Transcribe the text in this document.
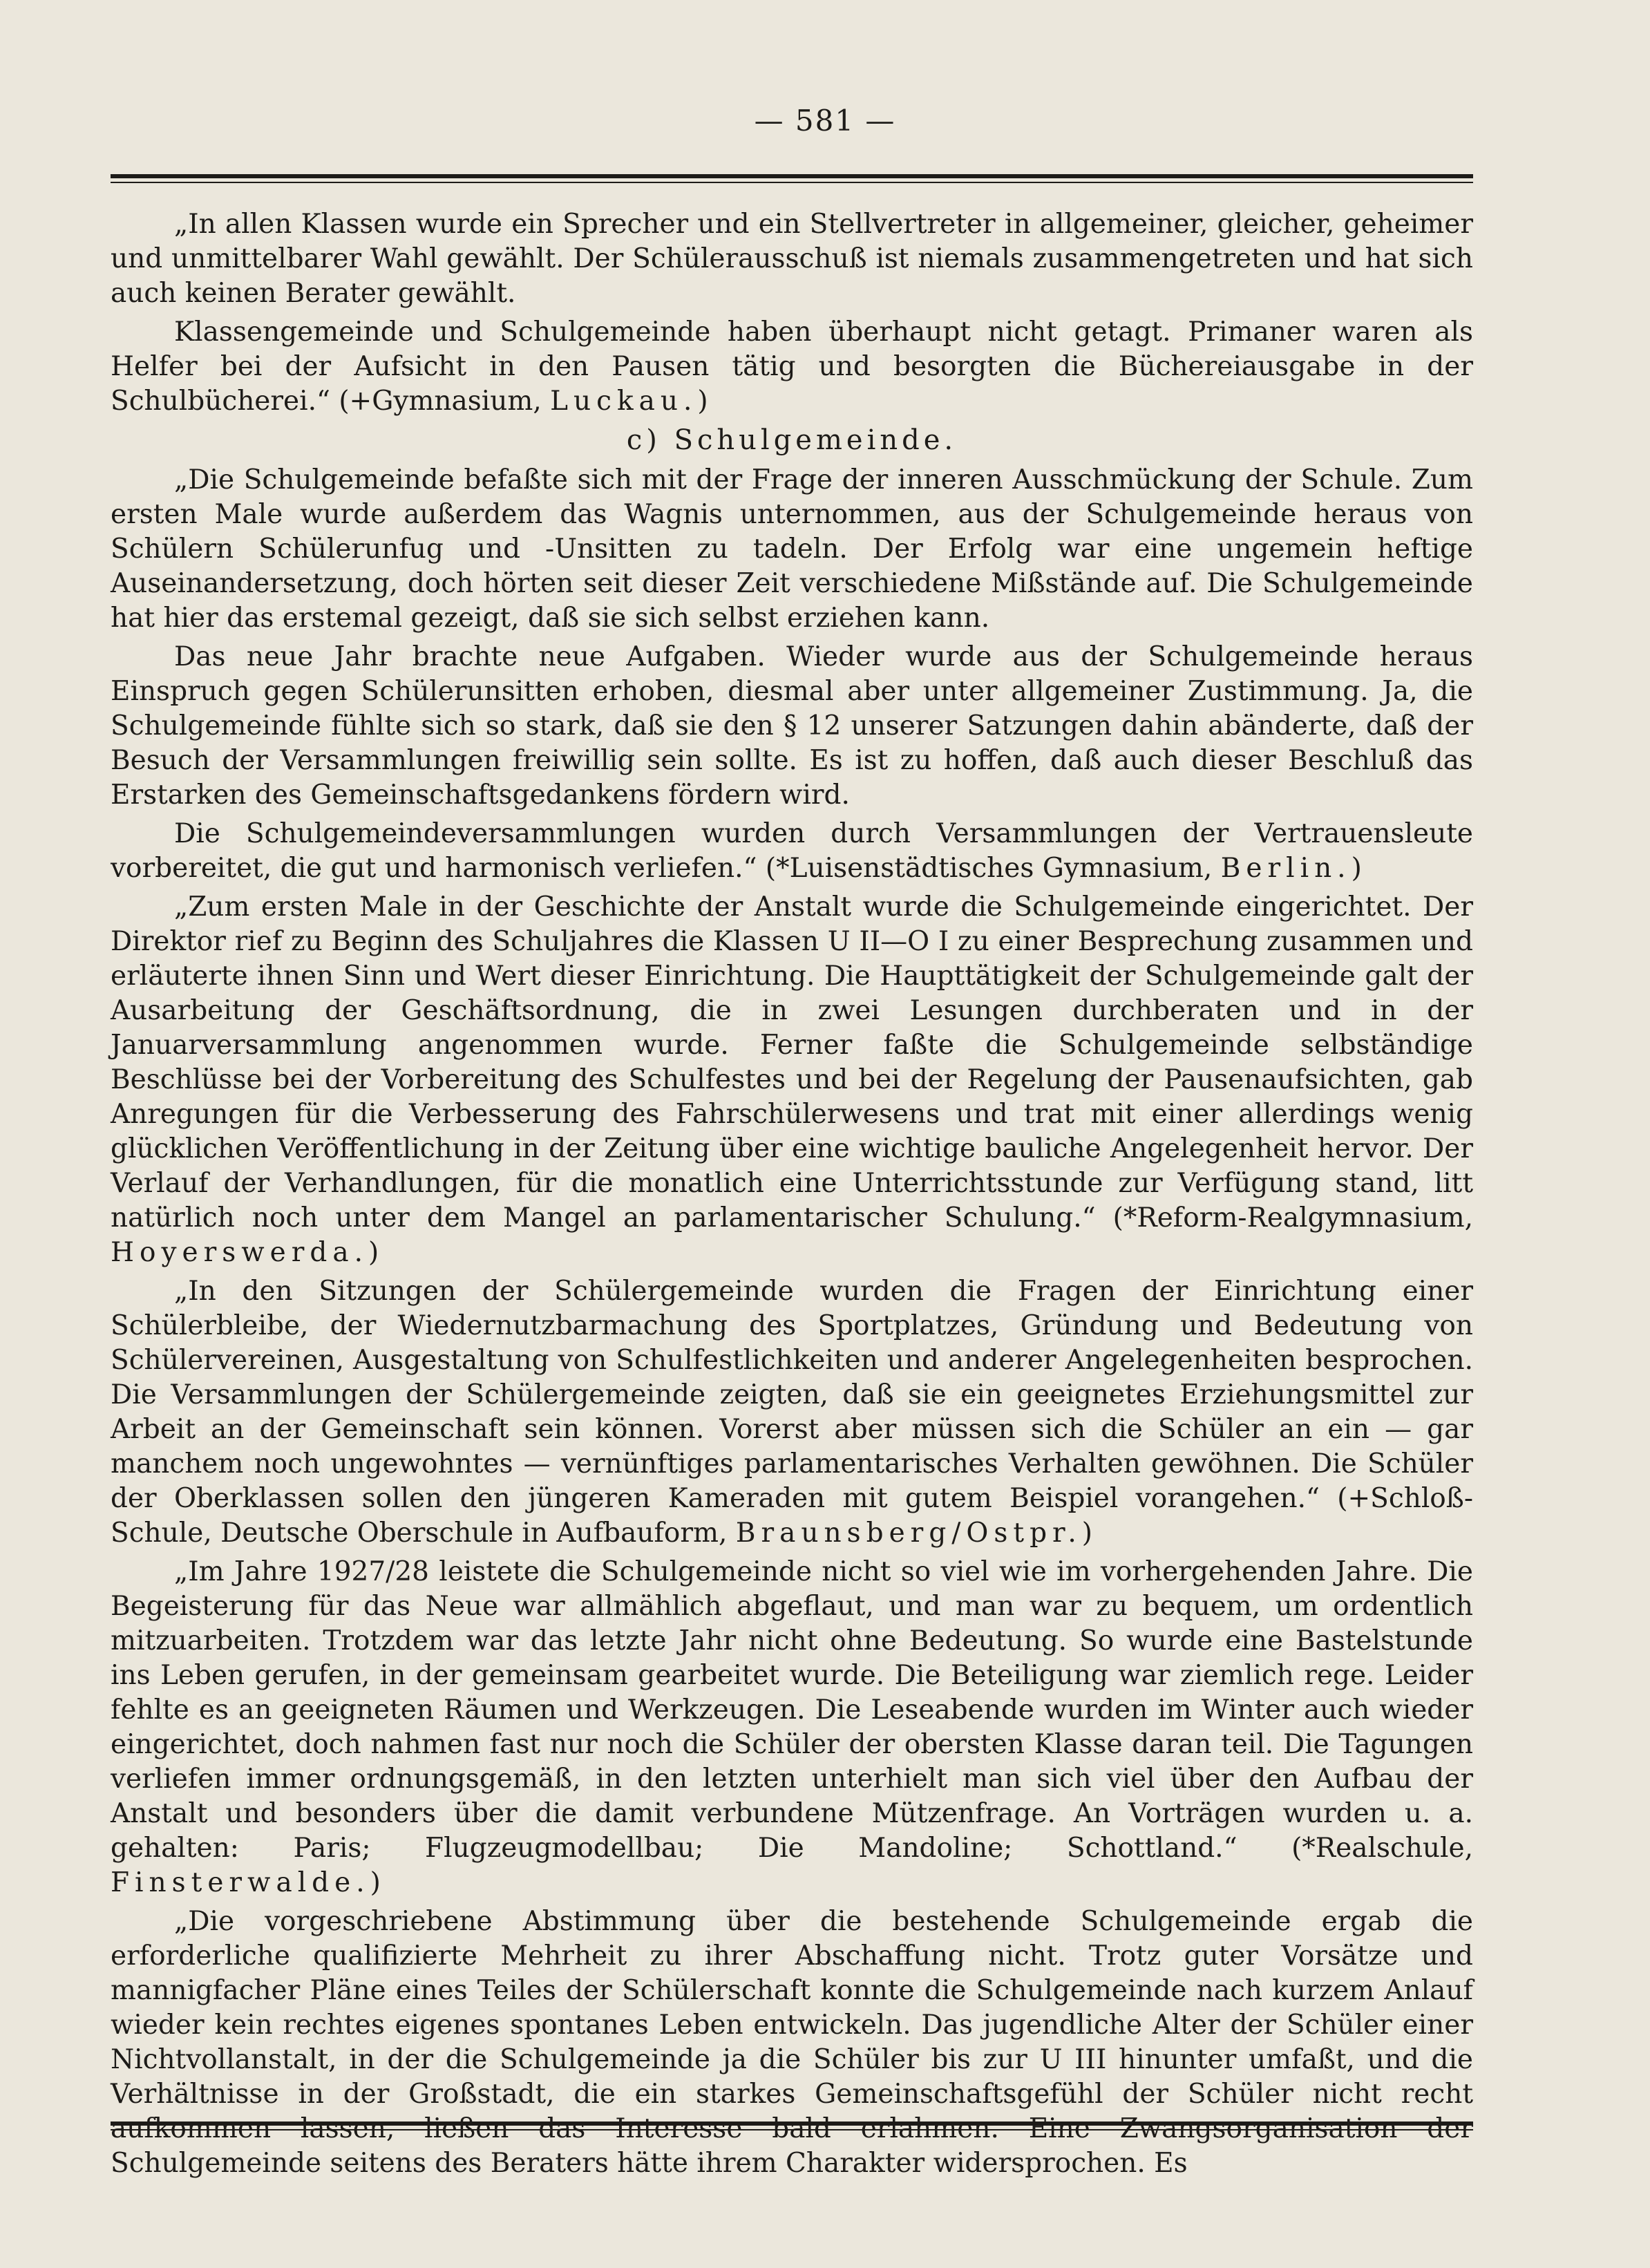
— 581 —

„In allen Klassen wurde ein Sprecher und ein Stellvertreter in allgemeiner, gleicher, geheimer und unmittelbarer Wahl gewählt. Der Schülerausschuß ist niemals zusammengetreten und hat sich auch keinen Berater gewählt.

Klassengemeinde und Schulgemeinde haben überhaupt nicht getagt. Primaner waren als Helfer bei der Aufsicht in den Pausen tätig und besorgten die Büchereiausgabe in der Schulbücherei.“ (+Gymnasium, Luckau.)

c) Schulgemeinde.

„Die Schulgemeinde befaßte sich mit der Frage der inneren Ausschmückung der Schule. Zum ersten Male wurde außerdem das Wagnis unternommen, aus der Schulgemeinde heraus von Schülern Schülerunfug und -Unsitten zu tadeln. Der Erfolg war eine ungemein heftige Auseinandersetzung, doch hörten seit dieser Zeit verschiedene Mißstände auf. Die Schulgemeinde hat hier das erstemal gezeigt, daß sie sich selbst erziehen kann.

Das neue Jahr brachte neue Aufgaben. Wieder wurde aus der Schulgemeinde heraus Einspruch gegen Schülerunsitten erhoben, diesmal aber unter allgemeiner Zustimmung. Ja, die Schulgemeinde fühlte sich so stark, daß sie den § 12 unserer Satzungen dahin abänderte, daß der Besuch der Versammlungen freiwillig sein sollte. Es ist zu hoffen, daß auch dieser Beschluß das Erstarken des Gemeinschaftsgedankens fördern wird.

Die Schulgemeindeversammlungen wurden durch Versammlungen der Vertrauensleute vorbereitet, die gut und harmonisch verliefen.“ (*Luisenstädtisches Gymnasium, Berlin.)

„Zum ersten Male in der Geschichte der Anstalt wurde die Schulgemeinde eingerichtet. Der Direktor rief zu Beginn des Schuljahres die Klassen U II—O I zu einer Besprechung zusammen und erläuterte ihnen Sinn und Wert dieser Einrichtung. Die Haupttätigkeit der Schulgemeinde galt der Ausarbeitung der Geschäftsordnung, die in zwei Lesungen durchberaten und in der Januarversammlung angenommen wurde. Ferner faßte die Schulgemeinde selbständige Beschlüsse bei der Vorbereitung des Schulfestes und bei der Regelung der Pausenaufsichten, gab Anregungen für die Verbesserung des Fahrschülerwesens und trat mit einer allerdings wenig glücklichen Veröffentlichung in der Zeitung über eine wichtige bauliche Angelegenheit hervor. Der Verlauf der Verhandlungen, für die monatlich eine Unterrichtsstunde zur Verfügung stand, litt natürlich noch unter dem Mangel an parlamentarischer Schulung.“ (*Reform-Realgymnasium, Hoyerswerda.)

„In den Sitzungen der Schülergemeinde wurden die Fragen der Einrichtung einer Schülerbleibe, der Wiedernutzbarmachung des Sportplatzes, Gründung und Bedeutung von Schülervereinen, Ausgestaltung von Schulfestlichkeiten und anderer Angelegenheiten besprochen. Die Versammlungen der Schülergemeinde zeigten, daß sie ein geeignetes Erziehungsmittel zur Arbeit an der Gemeinschaft sein können. Vorerst aber müssen sich die Schüler an ein — gar manchem noch ungewohntes — vernünftiges parlamentarisches Verhalten gewöhnen. Die Schüler der Oberklassen sollen den jüngeren Kameraden mit gutem Beispiel vorangehen.“ (+Schloß-Schule, Deutsche Oberschule in Aufbauform, Braunsberg/Ostpr.)

„Im Jahre 1927/28 leistete die Schulgemeinde nicht so viel wie im vorhergehenden Jahre. Die Begeisterung für das Neue war allmählich abgeflaut, und man war zu bequem, um ordentlich mitzuarbeiten. Trotzdem war das letzte Jahr nicht ohne Bedeutung. So wurde eine Bastelstunde ins Leben gerufen, in der gemeinsam gearbeitet wurde. Die Beteiligung war ziemlich rege. Leider fehlte es an geeigneten Räumen und Werkzeugen. Die Leseabende wurden im Winter auch wieder eingerichtet, doch nahmen fast nur noch die Schüler der obersten Klasse daran teil. Die Tagungen verliefen immer ordnungsgemäß, in den letzten unterhielt man sich viel über den Aufbau der Anstalt und besonders über die damit verbundene Mützenfrage. An Vorträgen wurden u. a. gehalten: Paris; Flugzeugmodellbau; Die Mandoline; Schottland.“ (*Realschule, Finsterwalde.)

„Die vorgeschriebene Abstimmung über die bestehende Schulgemeinde ergab die erforderliche qualifizierte Mehrheit zu ihrer Abschaffung nicht. Trotz guter Vorsätze und mannigfacher Pläne eines Teiles der Schülerschaft konnte die Schulgemeinde nach kurzem Anlauf wieder kein rechtes eigenes spontanes Leben entwickeln. Das jugendliche Alter der Schüler einer Nichtvollanstalt, in der die Schulgemeinde ja die Schüler bis zur U III hinunter umfaßt, und die Verhältnisse in der Großstadt, die ein starkes Gemeinschaftsgefühl der Schüler nicht recht aufkommen lassen, ließen das Interesse bald erlahmen. Eine Zwangsorganisation der Schulgemeinde seitens des Beraters hätte ihrem Charakter widersprochen. Es
